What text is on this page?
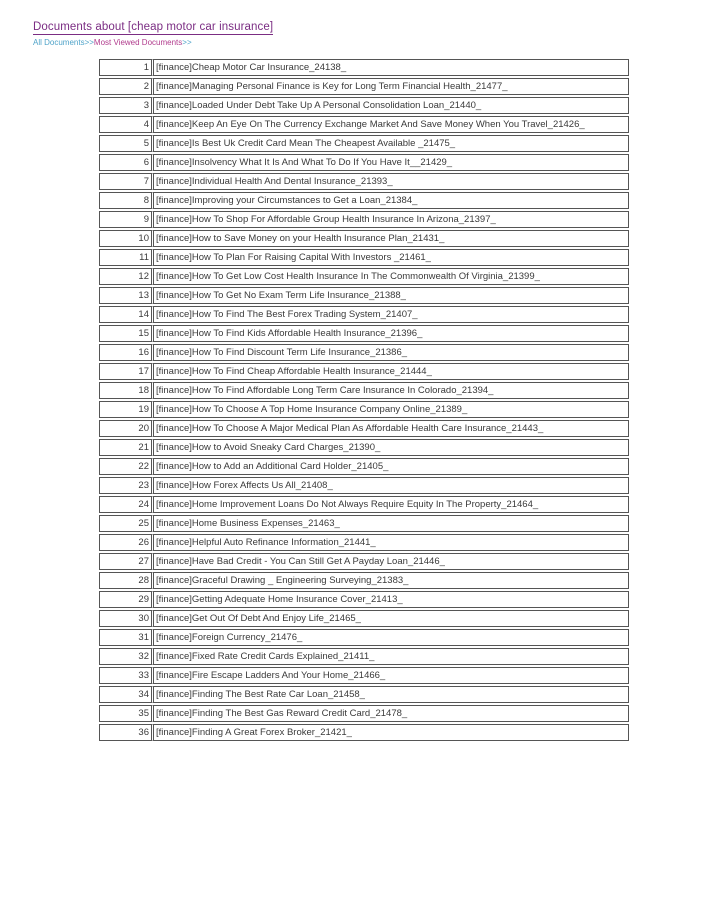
Documents about [cheap motor car insurance]
All Documents>>Most Viewed Documents>>
1	[finance]Cheap Motor Car Insurance_24138_
2	[finance]Managing Personal Finance is Key for Long Term Financial Health_21477_
3	[finance]Loaded Under Debt Take Up A Personal Consolidation Loan_21440_
4	[finance]Keep An Eye On The Currency Exchange Market And Save Money When You Travel_21426_
5	[finance]Is Best Uk Credit Card Mean The Cheapest Available _21475_
6	[finance]Insolvency What It Is And What To Do If You Have It__21429_
7	[finance]Individual Health And Dental Insurance_21393_
8	[finance]Improving your Circumstances to Get a Loan_21384_
9	[finance]How To Shop For Affordable Group Health Insurance In Arizona_21397_
10	[finance]How to Save Money on your Health Insurance Plan_21431_
11	[finance]How To Plan For Raising Capital With Investors _21461_
12	[finance]How To Get Low Cost Health Insurance In The Commonwealth Of Virginia_21399_
13	[finance]How To Get No Exam Term Life Insurance_21388_
14	[finance]How To Find The Best Forex Trading System_21407_
15	[finance]How To Find Kids Affordable Health Insurance_21396_
16	[finance]How To Find Discount Term Life Insurance_21386_
17	[finance]How To Find Cheap Affordable Health Insurance_21444_
18	[finance]How To Find Affordable Long Term Care Insurance In Colorado_21394_
19	[finance]How To Choose A Top Home Insurance Company Online_21389_
20	[finance]How To Choose A Major Medical Plan As Affordable Health Care Insurance_21443_
21	[finance]How to Avoid Sneaky Card Charges_21390_
22	[finance]How to Add an Additional Card Holder_21405_
23	[finance]How Forex Affects Us All_21408_
24	[finance]Home Improvement Loans Do Not Always Require Equity In The Property_21464_
25	[finance]Home Business Expenses_21463_
26	[finance]Helpful Auto Refinance Information_21441_
27	[finance]Have Bad Credit - You Can Still Get A Payday Loan_21446_
28	[finance]Graceful Drawing _ Engineering Surveying_21383_
29	[finance]Getting Adequate Home Insurance Cover_21413_
30	[finance]Get Out Of Debt And Enjoy Life_21465_
31	[finance]Foreign Currency_21476_
32	[finance]Fixed Rate Credit Cards Explained_21411_
33	[finance]Fire Escape Ladders And Your Home_21466_
34	[finance]Finding The Best Rate Car Loan_21458_
35	[finance]Finding The Best Gas Reward Credit Card_21478_
36	[finance]Finding A Great Forex Broker_21421_
